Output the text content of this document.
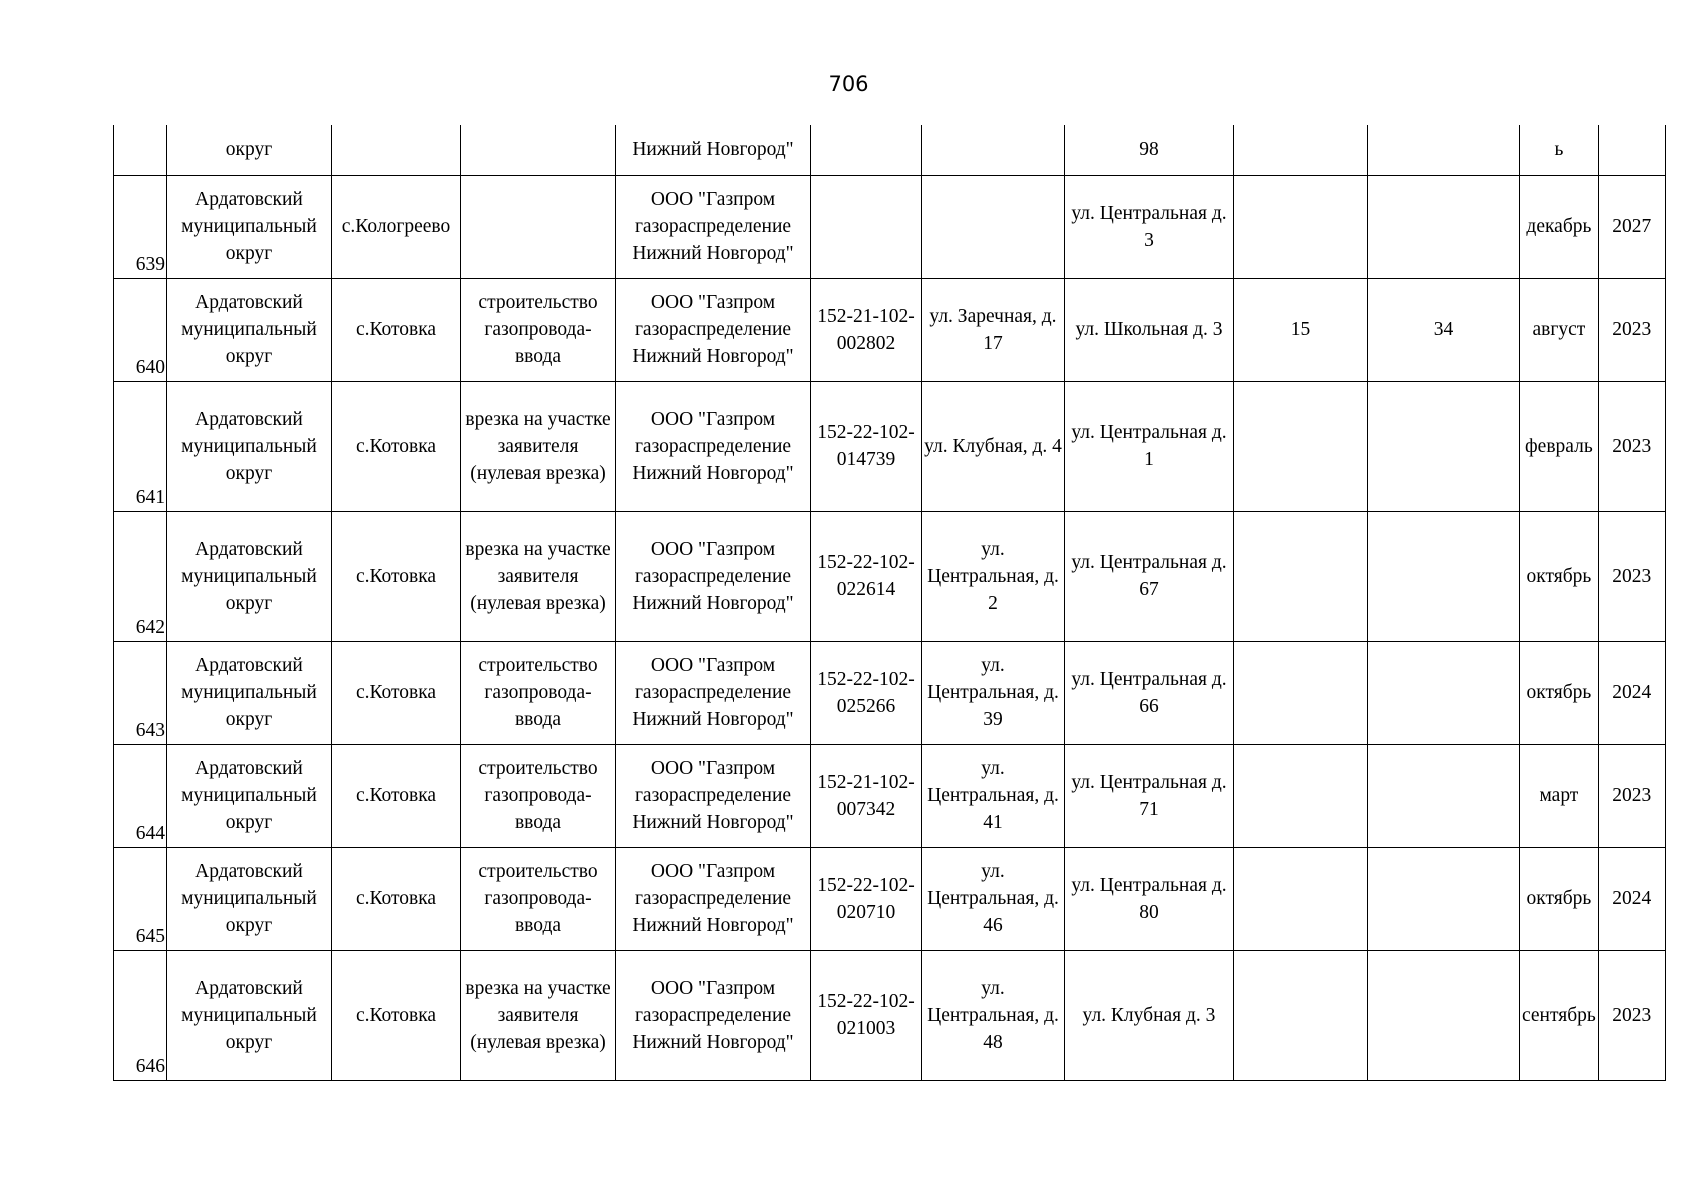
706
	округ			Нижний Новгород"			98			ь	
639	Ардатовский муниципальный округ	с.Кологреево		ООО "Газпром газораспределение Нижний Новгород"			ул. Центральная д. 3			декабрь	2027
640	Ардатовский муниципальный округ	с.Котовка	строительство газопровода-ввода	ООО "Газпром газораспределение Нижний Новгород"	152-21-102-002802	ул. Заречная, д. 17	ул. Школьная д. 3	15	34	август	2023
641	Ардатовский муниципальный округ	с.Котовка	врезка на участке заявителя (нулевая врезка)	ООО "Газпром газораспределение Нижний Новгород"	152-22-102-014739	ул. Клубная, д. 4	ул. Центральная д. 1			февраль	2023
642	Ардатовский муниципальный округ	с.Котовка	врезка на участке заявителя (нулевая врезка)	ООО "Газпром газораспределение Нижний Новгород"	152-22-102-022614	ул. Центральная, д. 2	ул. Центральная д. 67			октябрь	2023
643	Ардатовский муниципальный округ	с.Котовка	строительство газопровода-ввода	ООО "Газпром газораспределение Нижний Новгород"	152-22-102-025266	ул. Центральная, д. 39	ул. Центральная д. 66			октябрь	2024
644	Ардатовский муниципальный округ	с.Котовка	строительство газопровода-ввода	ООО "Газпром газораспределение Нижний Новгород"	152-21-102-007342	ул. Центральная, д. 41	ул. Центральная д. 71			март	2023
645	Ардатовский муниципальный округ	с.Котовка	строительство газопровода-ввода	ООО "Газпром газораспределение Нижний Новгород"	152-22-102-020710	ул. Центральная, д. 46	ул. Центральная д. 80			октябрь	2024
646	Ардатовский муниципальный округ	с.Котовка	врезка на участке заявителя (нулевая врезка)	ООО "Газпром газораспределение Нижний Новгород"	152-22-102-021003	ул. Центральная, д. 48	ул. Клубная д. 3			сентябрь	2023
